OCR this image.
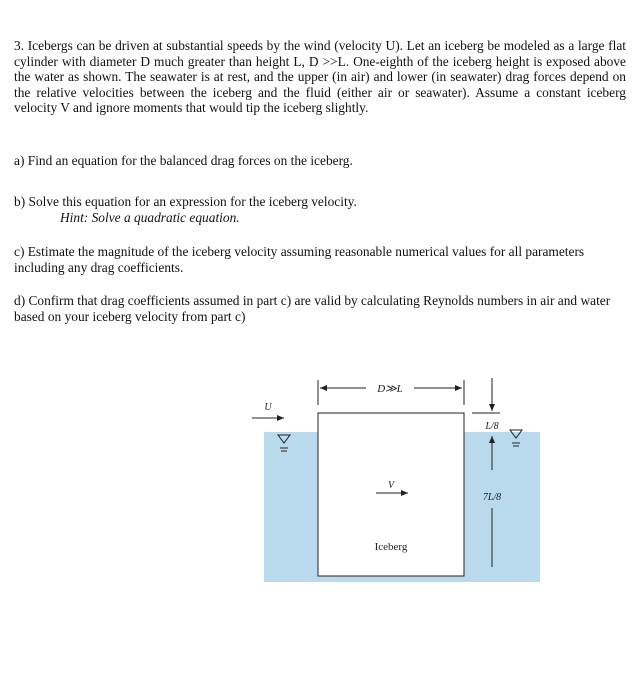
3. Icebergs can be driven at substantial speeds by the wind (velocity U). Let an iceberg be modeled as a large flat cylinder with diameter D much greater than height L, D >>L. One-eighth of the iceberg height is exposed above the water as shown. The seawater is at rest, and the upper (in air) and lower (in seawater) drag forces depend on the relative velocities between the iceberg and the fluid (either air or seawater). Assume a constant iceberg velocity V and ignore moments that would tip the iceberg slightly.

a) Find an equation for the balanced drag forces on the iceberg.

b) Solve this equation for an expression for the iceberg velocity.

Hint: Solve a quadratic equation.

c) Estimate the magnitude of the iceberg velocity assuming reasonable numerical values for all parameters including any drag coefficients.

d) Confirm that drag coefficients assumed in part c) are valid by calculating Reynolds numbers in air and water based on your iceberg velocity from part c)

D≫L
U
V
Iceberg
L/8
7L/8
